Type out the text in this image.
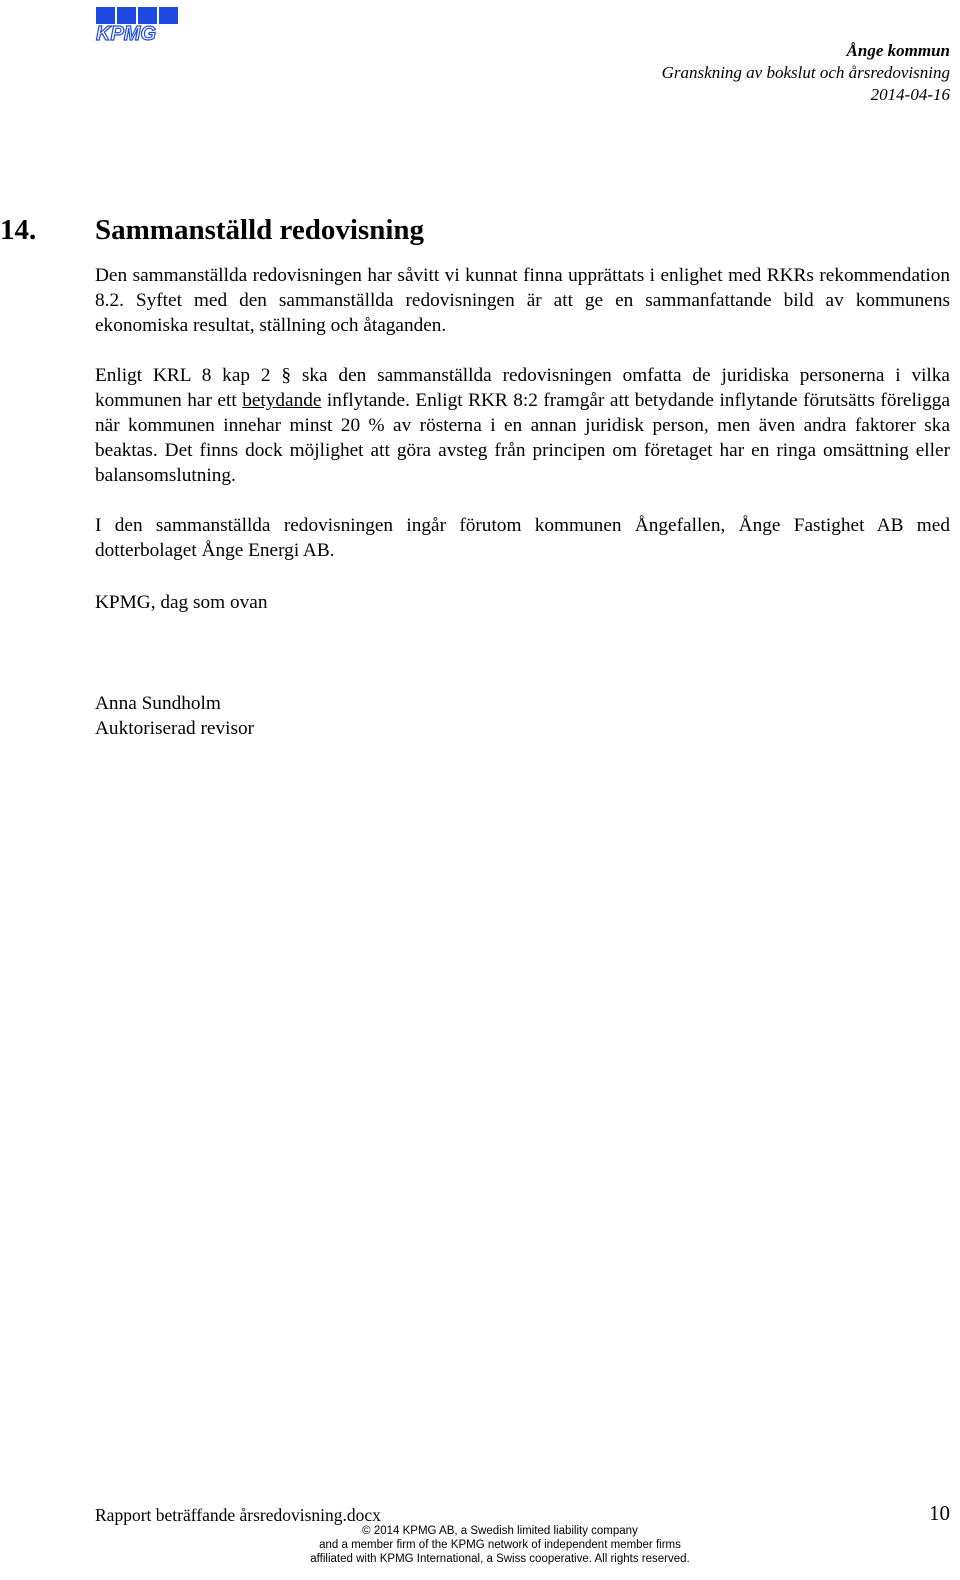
KPMG
Ånge kommun
Granskning av bokslut och årsredovisning
2014-04-16
14. Sammanställd redovisning

Den sammanställda redovisningen har såvitt vi kunnat finna upprättats i enlighet med RKRs rekommendation 8.2. Syftet med den sammanställda redovisningen är att ge en sammanfattande bild av kommunens ekonomiska resultat, ställning och åtaganden.

Enligt KRL 8 kap 2 § ska den sammanställda redovisningen omfatta de juridiska personerna i vilka kommunen har ett betydande inflytande. Enligt RKR 8:2 framgår att betydande inflytande förutsätts föreligga när kommunen innehar minst 20 % av rösterna i en annan juridisk person, men även andra faktorer ska beaktas. Det finns dock möjlighet att göra avsteg från principen om företaget har en ringa omsättning eller balansomslutning.

I den sammanställda redovisningen ingår förutom kommunen Ångefallen, Ånge Fastighet AB med dotterbolaget Ånge Energi AB.

KPMG, dag som ovan
Anna Sundholm
Auktoriserad revisor
Rapport beträffande årsredovisning.docx	10
© 2014 KPMG AB, a Swedish limited liability company
and a member firm of the KPMG network of independent member firms
affiliated with KPMG International, a Swiss cooperative. All rights reserved.
